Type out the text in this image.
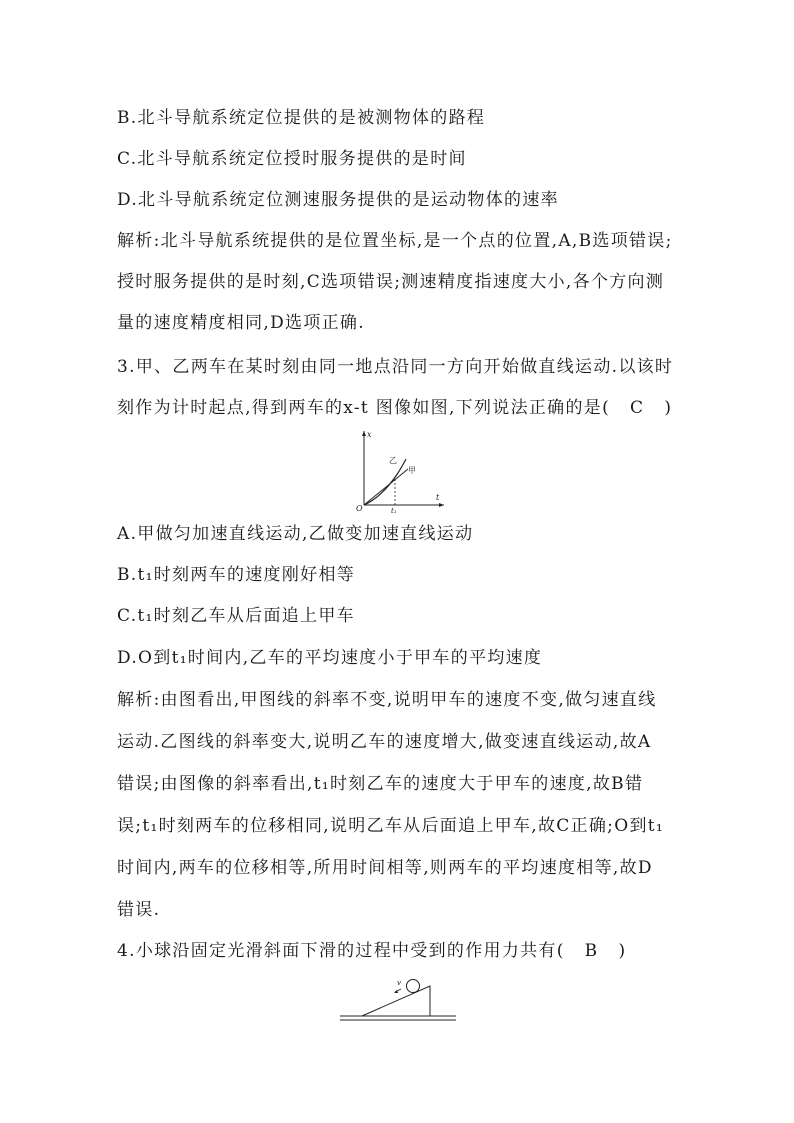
B.北斗导航系统定位提供的是被测物体的路程
C.北斗导航系统定位授时服务提供的是时间
D.北斗导航系统定位测速服务提供的是运动物体的速率
解析:北斗导航系统提供的是位置坐标,是一个点的位置,A,B选项错误;
授时服务提供的是时刻,C选项错误;测速精度指速度大小,各个方向测
量的速度精度相同,D选项正确.
3.甲、乙两车在某时刻由同一地点沿同一方向开始做直线运动.以该时
刻作为计时起点,得到两车的x-t 图像如图,下列说法正确的是( C )
x
t
O
乙
甲
t₁
A.甲做匀加速直线运动,乙做变加速直线运动
B.t₁时刻两车的速度刚好相等
C.t₁时刻乙车从后面追上甲车
D.O到t₁时间内,乙车的平均速度小于甲车的平均速度
解析:由图看出,甲图线的斜率不变,说明甲车的速度不变,做匀速直线
运动.乙图线的斜率变大,说明乙车的速度增大,做变速直线运动,故A
错误;由图像的斜率看出,t₁时刻乙车的速度大于甲车的速度,故B错
误;t₁时刻两车的位移相同,说明乙车从后面追上甲车,故C正确;O到t₁
时间内,两车的位移相等,所用时间相等,则两车的平均速度相等,故D
错误.
4.小球沿固定光滑斜面下滑的过程中受到的作用力共有( B )
v
